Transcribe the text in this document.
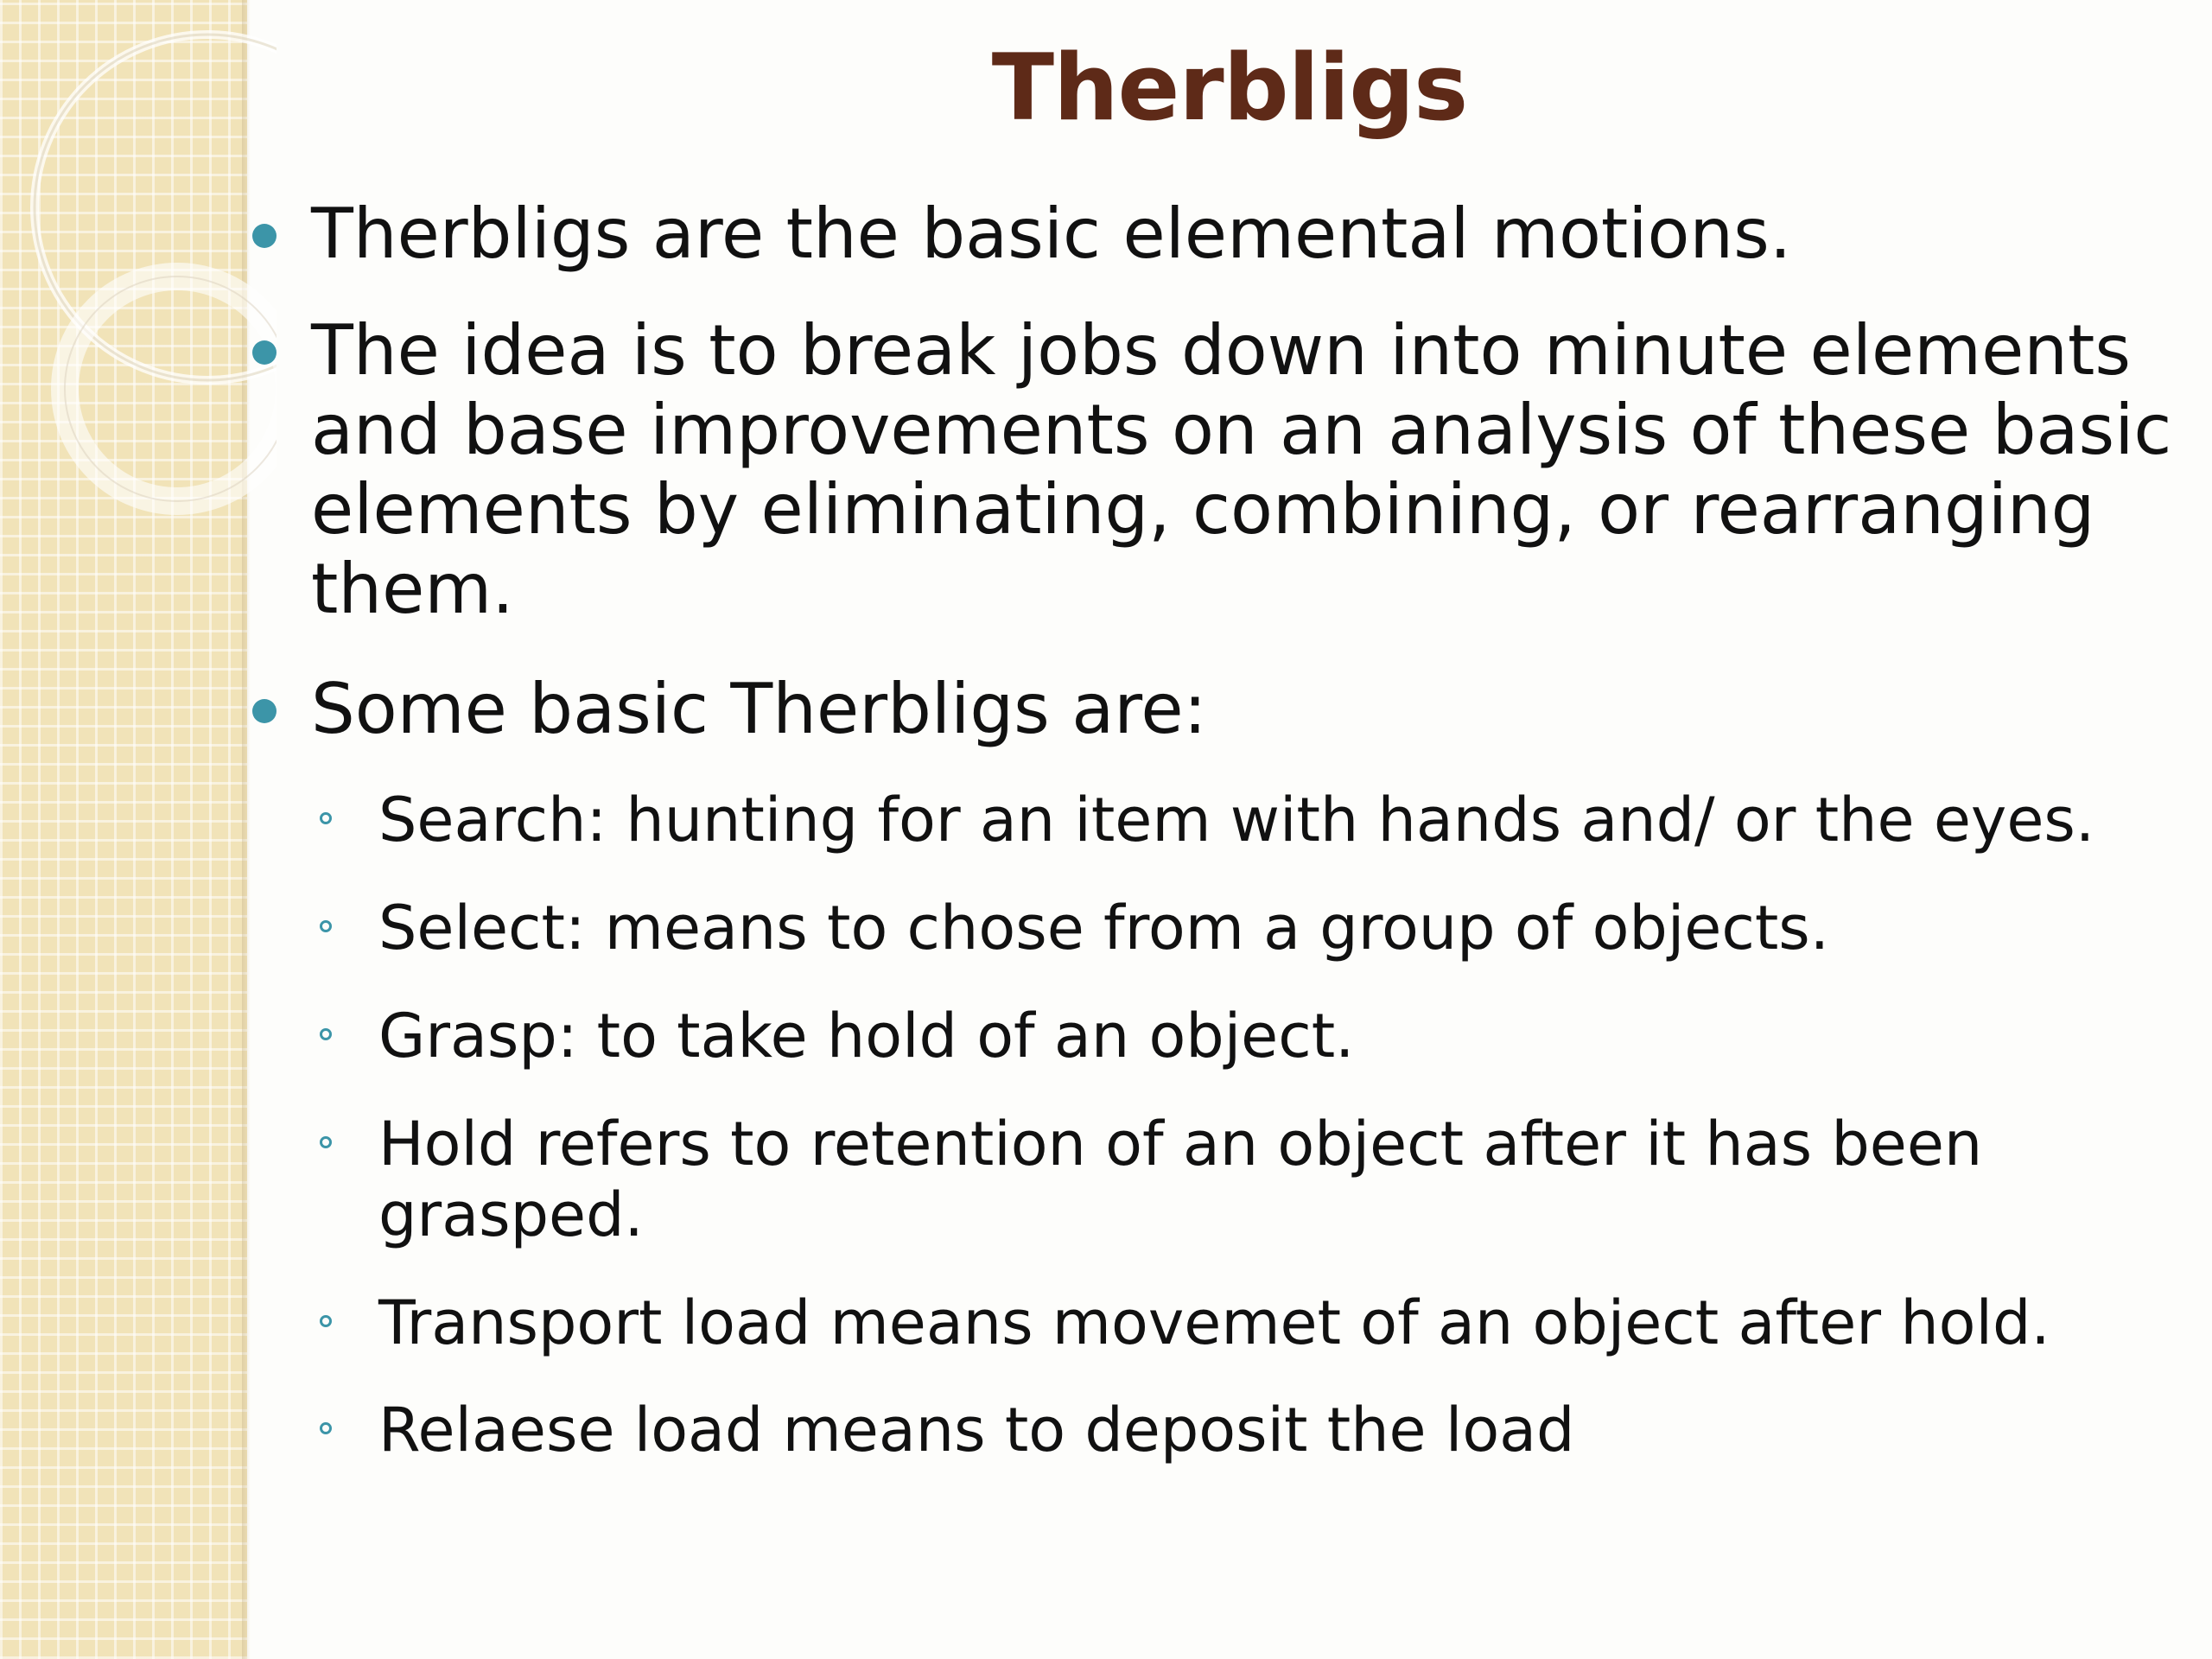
Therbligs
Therbligs are the basic elemental motions.
The idea is to break jobs down into minute elements
and base improvements on an analysis of these basic
elements by eliminating, combining, or rearranging
them.
Some basic Therbligs are:
Search: hunting for an item with hands and/ or the eyes.
Select: means to chose from a group of objects.
Grasp: to take hold of an object.
Hold refers to retention of an object after it has been
grasped.
Transport load means movemet of an object after hold.
Relaese load means to deposit the load
